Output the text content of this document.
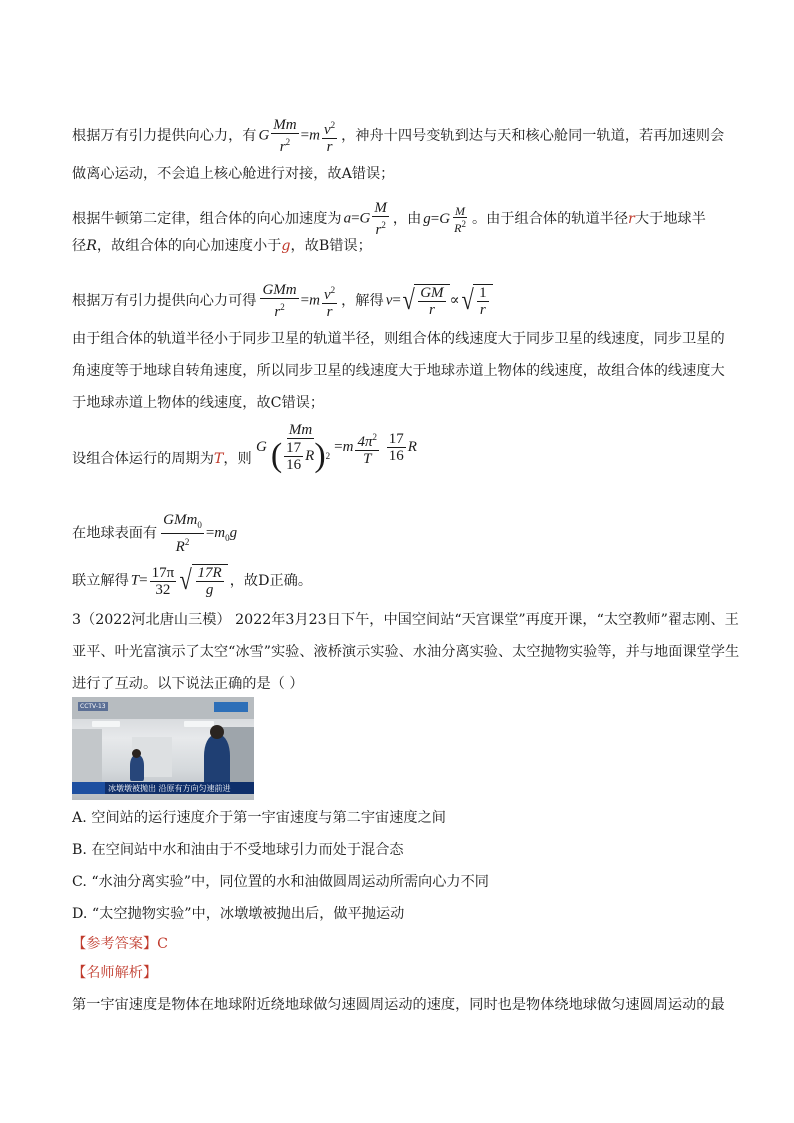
根据万有引力提供向心力，有 G $\frac{Mm}{r^2} =m \frac{v^2}{r}$ ，神舟十四号变轨到达与天和核心舱同一轨道，若再加速则会
做离心运动，不会追上核心舱进行对接，故A错误；
根据牛顿第二定律，组合体的向心加速度为 $a=G \frac{M}{r^2}$ ，由 $g=G \frac{M}{R^2}$ 。由于组合体的轨道半径r大于地球半
径R，故组合体的向心加速度小于g，故B错误；
根据万有引力提供向心力可得 $\frac{\text{GMm}}{r^2} =m \frac{v^2}{r}$ ，解得 v= √ $\frac{GM}{r}$ ∝ √ $\frac{1}{r}$
由于组合体的轨道半径小于同步卫星的轨道半径，则组合体的线速度大于同步卫星的线速度，同步卫星的
角速度等于地球自转角速度，所以同步卫星的线速度大于地球赤道上物体的线速度，故组合体的线速度大
于地球赤道上物体的线速度，故C错误；
设组合体运行的周期为T，则
G $\frac{Mm}{( \frac{17}{16} R ) 2} =m \frac{4\pi^2}{T}$
$\frac{17}{16}$ R
在地球表面有 $\frac{GMm_0}{R^2} =m_0g$
联立解得 $T= \frac{17\pi}{32}$ √ $\frac{17R}{g}$ ，故D正确。
3（2022河北唐山三模） 2022年3月23日下午，中国空间站“天宫课堂”再度开课，“太空教师”翟志刚、王
亚平、叶光富演示了太空“冰雪”实验、液桥演示实验、水油分离实验、太空抛物实验等，并与地面课堂学生
进行了互动。以下说法正确的是（ ）
CCTV-13
冰墩墩被抛出 沿原有方向匀速前进
A. 空间站的运行速度介于第一宇宙速度与第二宇宙速度之间
B. 在空间站中水和油由于不受地球引力而处于混合态
C. “水油分离实验”中，同位置的水和油做圆周运动所需向心力不同
D. “太空抛物实验”中，冰墩墩被抛出后，做平抛运动
【参考答案】C
【名师解析】
第一宇宙速度是物体在地球附近绕地球做匀速圆周运动的速度，同时也是物体绕地球做匀速圆周运动的最
